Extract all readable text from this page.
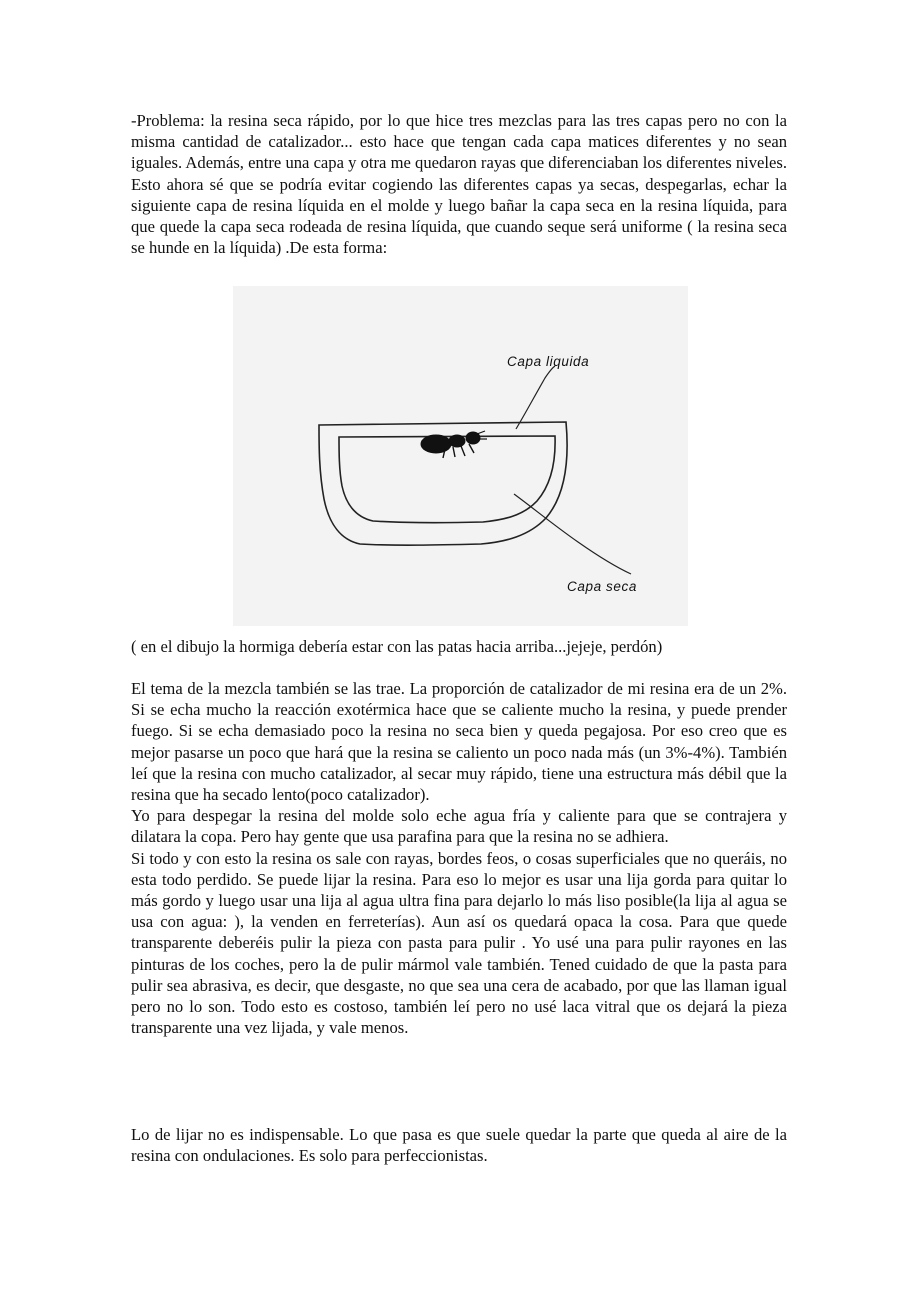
-Problema: la resina seca rápido, por lo que hice tres mezclas para las tres capas pero no con la misma cantidad de catalizador... esto hace que tengan cada capa matices diferentes y no sean iguales. Además, entre una capa y otra me quedaron rayas que diferenciaban los diferentes niveles. Esto ahora sé que se podría evitar cogiendo las diferentes capas ya secas, despegarlas, echar la siguiente capa de resina líquida en el molde y luego bañar la capa seca en la resina líquida, para que quede la capa seca rodeada de resina líquida, que cuando seque será uniforme ( la resina seca se hunde en la líquida) .De esta forma:

Capa liquida
Capa seca

( en el dibujo la hormiga debería estar con las patas hacia arriba...jejeje, perdón)

El tema de la mezcla también se las trae. La proporción de catalizador de mi resina era de un 2%. Si se echa mucho la reacción exotérmica hace que se caliente mucho la resina, y puede prender fuego. Si se echa demasiado poco la resina no seca bien y queda pegajosa. Por eso creo que es mejor pasarse un poco que hará que la resina se caliento un poco nada más (un 3%-4%). También leí que la resina con mucho catalizador, al secar muy rápido, tiene una estructura más débil que la resina que ha secado lento(poco catalizador).
Yo para despegar la resina del molde solo eche agua fría y caliente para que se contrajera y dilatara la copa. Pero hay gente que usa parafina para que la resina no se adhiera.
Si todo y con esto la resina os sale con rayas, bordes feos, o cosas superficiales que no queráis, no esta todo perdido. Se puede lijar la resina. Para eso lo mejor es usar una lija gorda para quitar lo más gordo y luego usar una lija al agua ultra fina para dejarlo lo más liso posible(la lija al agua se usa con agua: ), la venden en ferreterías). Aun así os quedará opaca la cosa. Para que quede transparente deberéis pulir la pieza con pasta para pulir . Yo usé una para pulir rayones en las pinturas de los coches, pero la de pulir mármol vale también. Tened cuidado de que la pasta para pulir sea abrasiva, es decir, que desgaste, no que sea una cera de acabado, por que las llaman igual pero no lo son. Todo esto es costoso, también leí pero no usé laca vitral que os dejará la pieza transparente una vez lijada, y vale menos.

Lo de lijar no es indispensable. Lo que pasa es que suele quedar la parte que queda al aire de la resina con ondulaciones. Es solo para perfeccionistas.
